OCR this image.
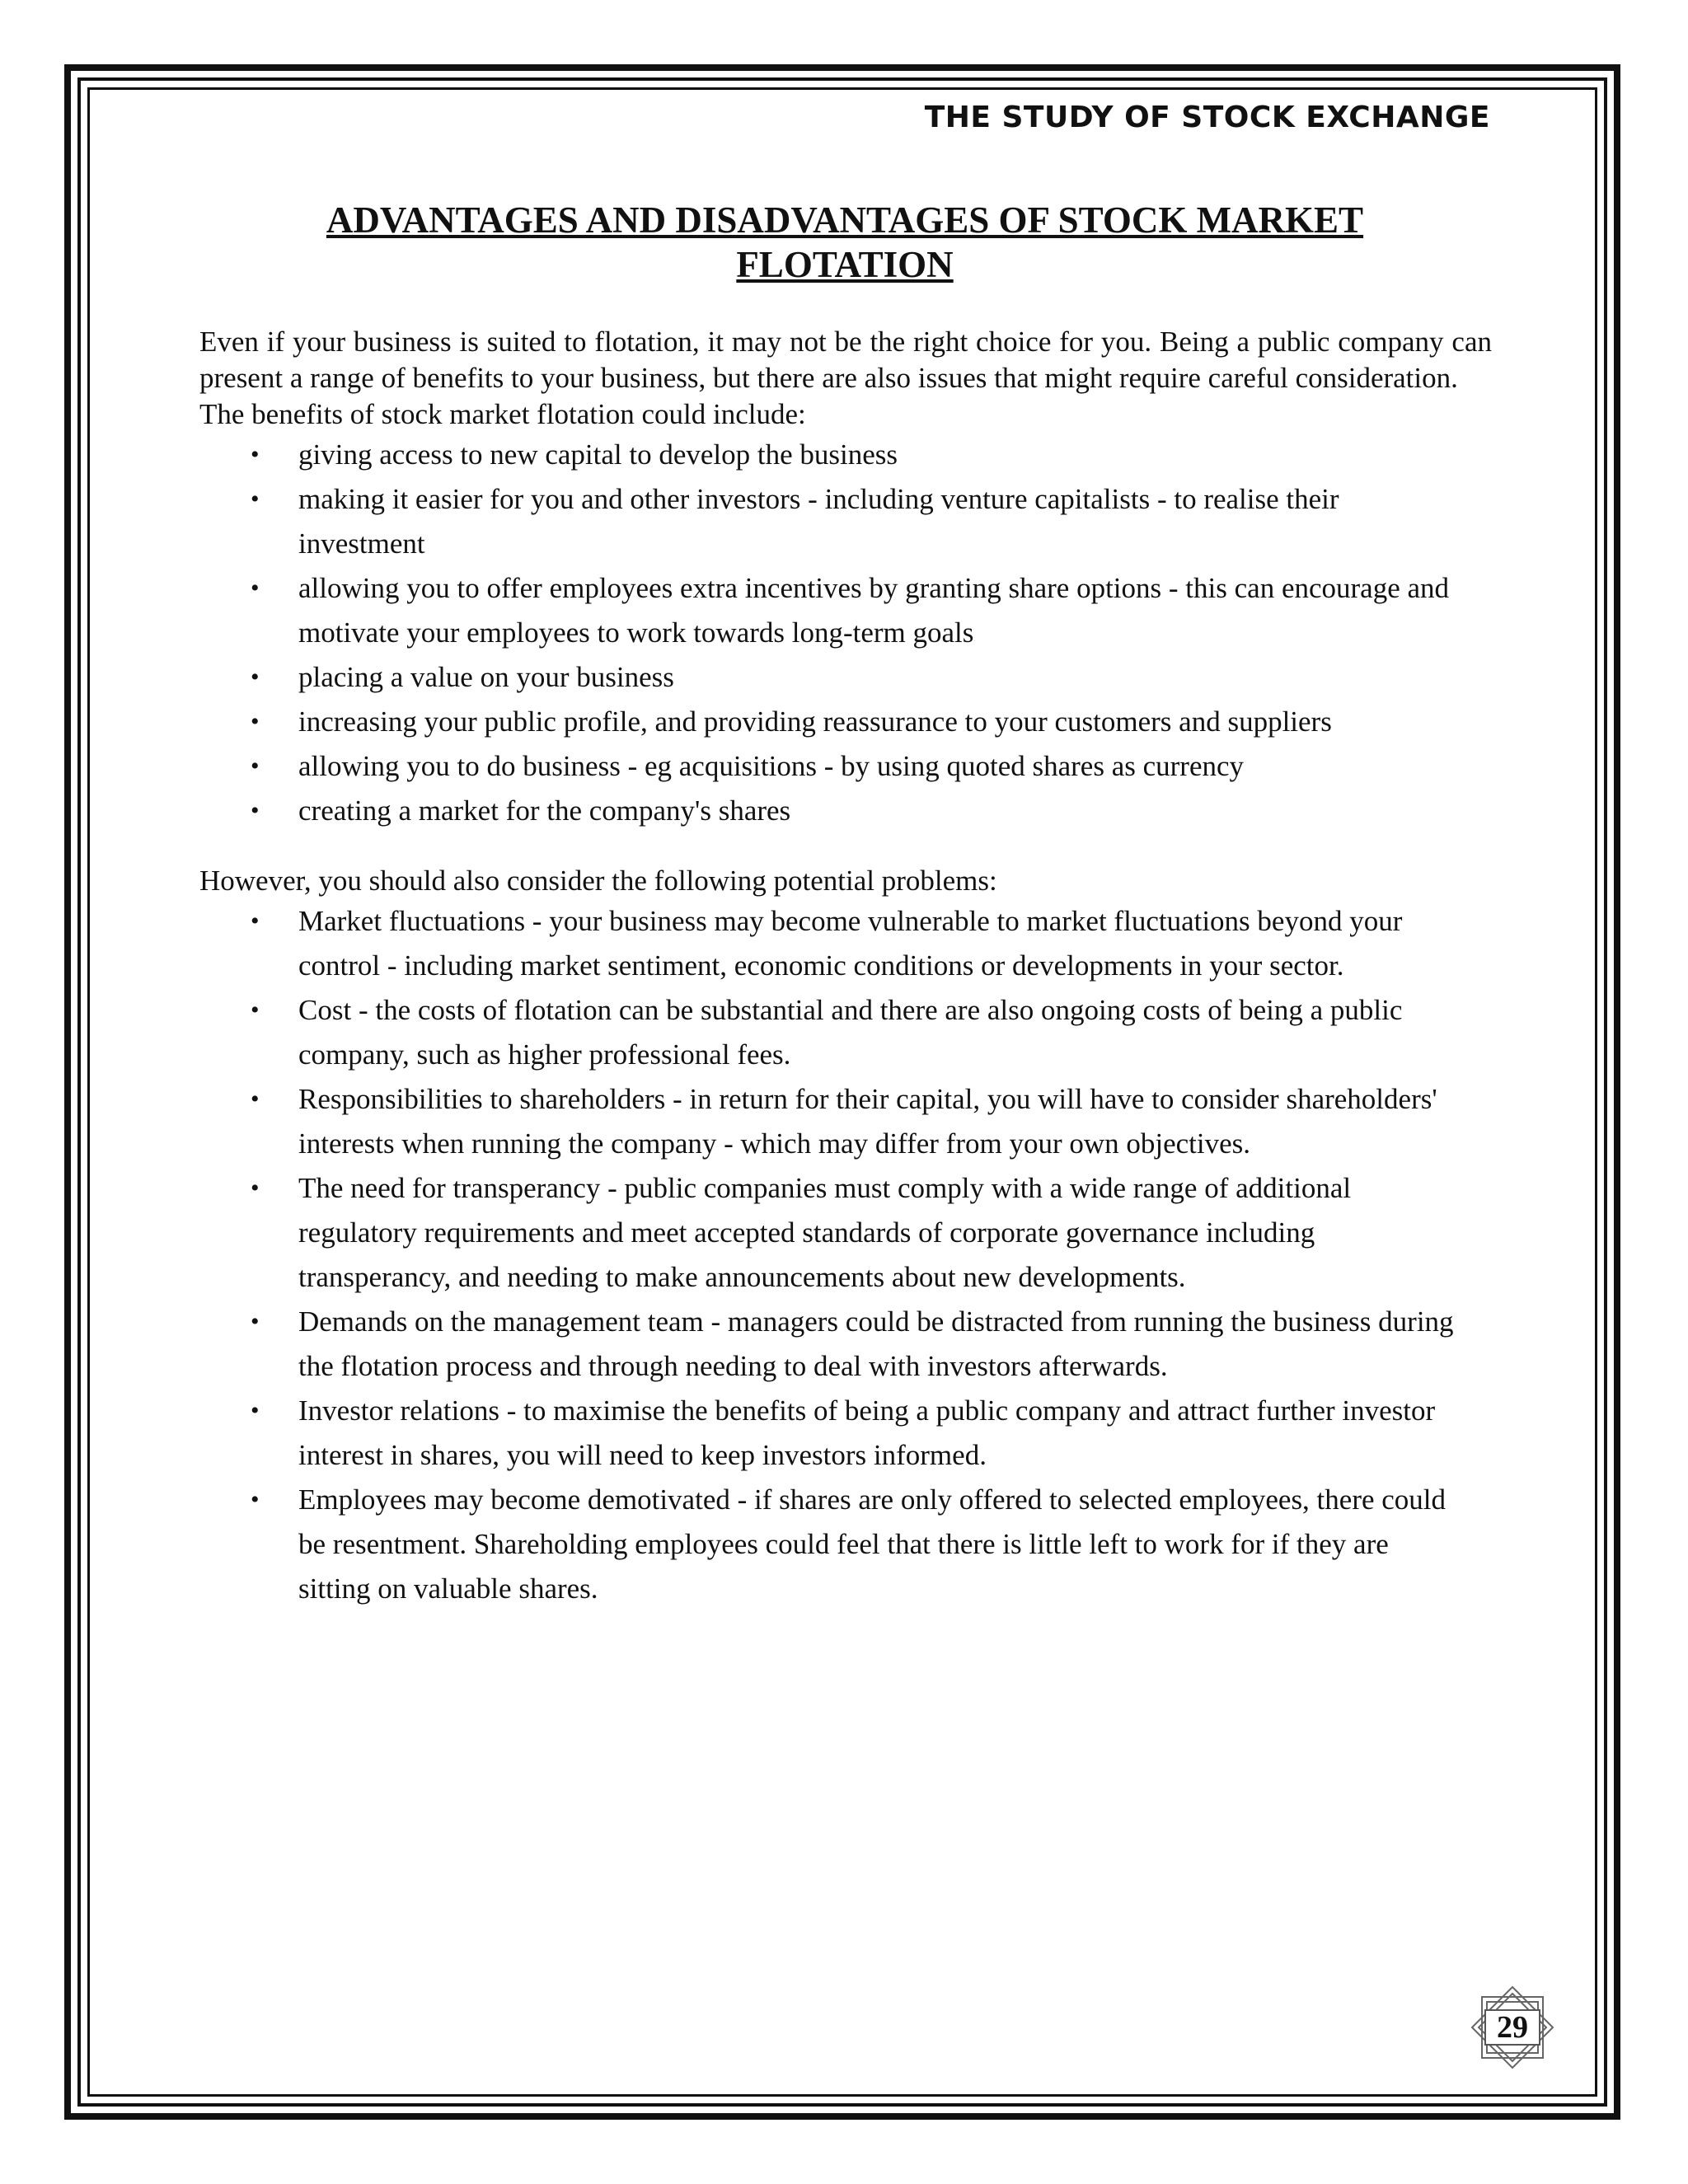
THE STUDY OF STOCK EXCHANGE
ADVANTAGES AND DISADVANTAGES OF STOCK MARKET
FLOTATION

Even if your business is suited to flotation, it may not be the right choice for you. Being a public company can present a range of benefits to your business, but there are also issues that might require careful consideration.

The benefits of stock market flotation could include:

• giving access to new capital to develop the business
• making it easier for you and other investors - including venture capitalists - to realise their investment
• allowing you to offer employees extra incentives by granting share options - this can encourage and motivate your employees to work towards long-term goals
• placing a value on your business
• increasing your public profile, and providing reassurance to your customers and suppliers
• allowing you to do business - eg acquisitions - by using quoted shares as currency
• creating a market for the company's shares

However, you should also consider the following potential problems:

• Market fluctuations - your business may become vulnerable to market fluctuations beyond your control - including market sentiment, economic conditions or developments in your sector.
• Cost - the costs of flotation can be substantial and there are also ongoing costs of being a public company, such as higher professional fees.
• Responsibilities to shareholders - in return for their capital, you will have to consider shareholders' interests when running the company - which may differ from your own objectives.
• The need for transperancy - public companies must comply with a wide range of additional regulatory requirements and meet accepted standards of corporate governance including transperancy, and needing to make announcements about new developments.
• Demands on the management team - managers could be distracted from running the business during the flotation process and through needing to deal with investors afterwards.
• Investor relations - to maximise the benefits of being a public company and attract further investor interest in shares, you will need to keep investors informed.
• Employees may become demotivated - if shares are only offered to selected employees, there could be resentment. Shareholding employees could feel that there is little left to work for if they are sitting on valuable shares.
29
